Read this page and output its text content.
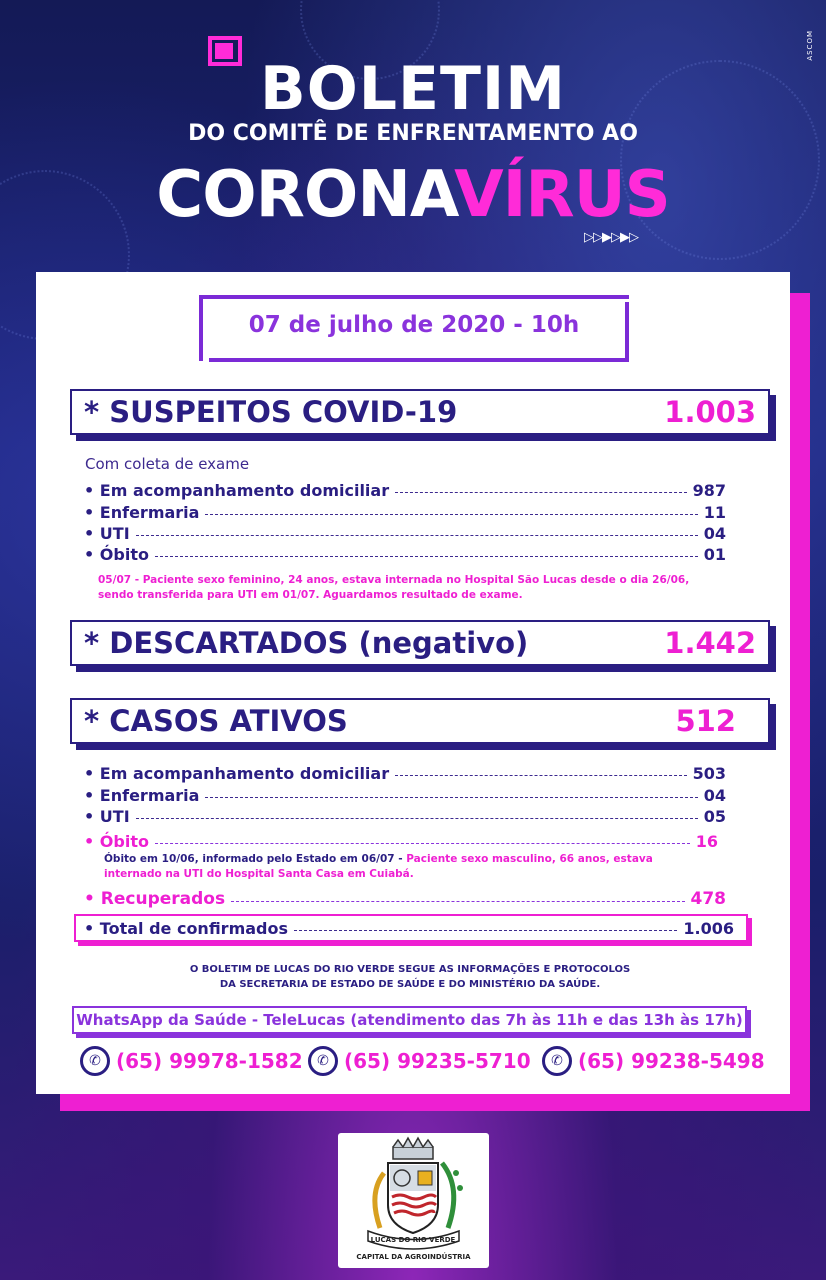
ASCOM
BOLETIM
DO COMITÊ DE ENFRENTAMENTO AO
CORONAVÍRUS
▷▷▶▷▶▷
07 de julho de 2020 - 10h
* SUSPEITOS COVID-19	1.003
Com coleta de exame
• Em acompanhamento domiciliar	987
• Enfermaria	11
• UTI	04
• Óbito	01
05/07 - Paciente sexo feminino, 24 anos, estava internada no Hospital São Lucas desde o dia 26/06,
sendo transferida para UTI em 01/07. Aguardamos resultado de exame.
* DESCARTADOS (negativo)	1.442
* CASOS ATIVOS	512
• Em acompanhamento domiciliar	503
• Enfermaria	04
• UTI	05
• Óbito	16
Óbito em 10/06, informado pelo Estado em 06/07 - Paciente sexo masculino, 66 anos, estava
internado na UTI do Hospital Santa Casa em Cuiabá.
• Recuperados	478
• Total de confirmados	1.006
O BOLETIM DE LUCAS DO RIO VERDE SEGUE AS INFORMAÇÕES E PROTOCOLOS
DA SECRETARIA DE ESTADO DE SAÚDE E DO MINISTÉRIO DA SAÚDE.
WhatsApp da Saúde - TeleLucas (atendimento das 7h às 11h e das 13h às 17h)
✆ (65) 99978-1582	✆ (65) 99235-5710	✆ (65) 99238-5498
LUCAS DO RIO VERDE
CAPITAL DA AGROINDÚSTRIA
